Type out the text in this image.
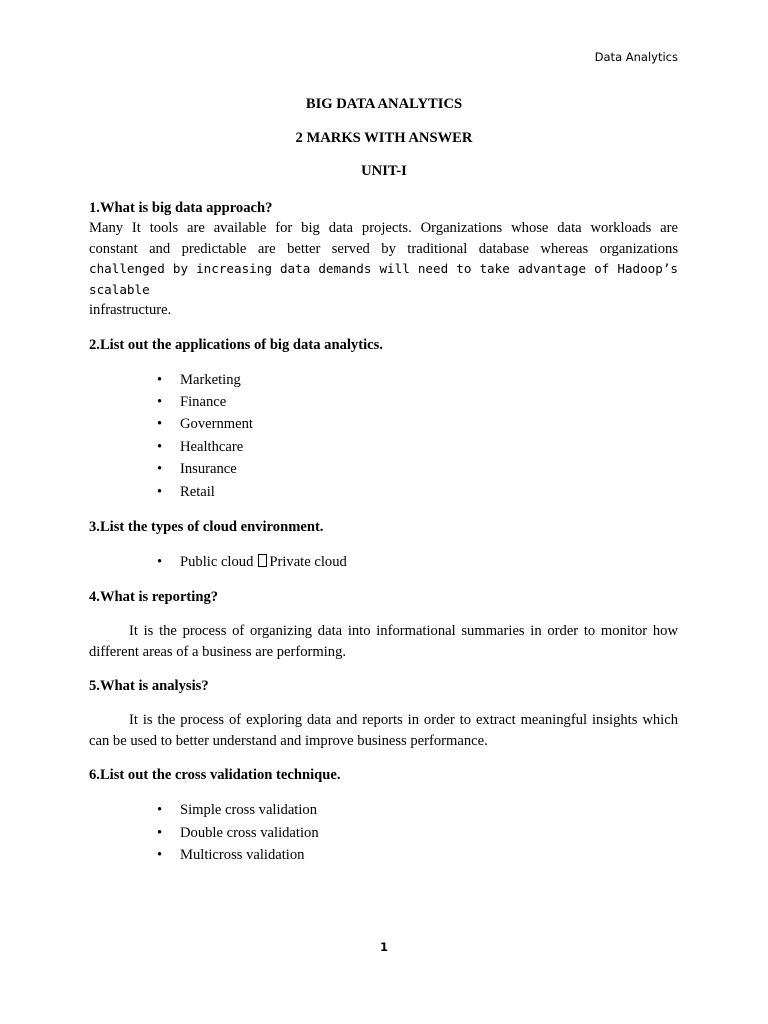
Data Analytics
BIG DATA ANALYTICS
2 MARKS WITH ANSWER
UNIT-I

1.What is big data approach?

Many It tools are available for big data projects. Organizations whose data workloads are

constant and predictable are better served by traditional database whereas organizations

challenged by increasing data demands will need to take advantage of Hadoop’s scalable

infrastructure.

2.List out the applications of big data analytics.

• Marketing
• Finance
• Government
• Healthcare
• Insurance
• Retail

3.List the types of cloud environment.

• Public cloud Private cloud

4.What is reporting?

It is the process of organizing data into informational summaries in order to monitor how different areas of a business are performing.

5.What is analysis?

It is the process of exploring data and reports in order to extract meaningful insights which can be used to better understand and improve business performance.

6.List out the cross validation technique.

• Simple cross validation
• Double cross validation
• Multicross validation
1
